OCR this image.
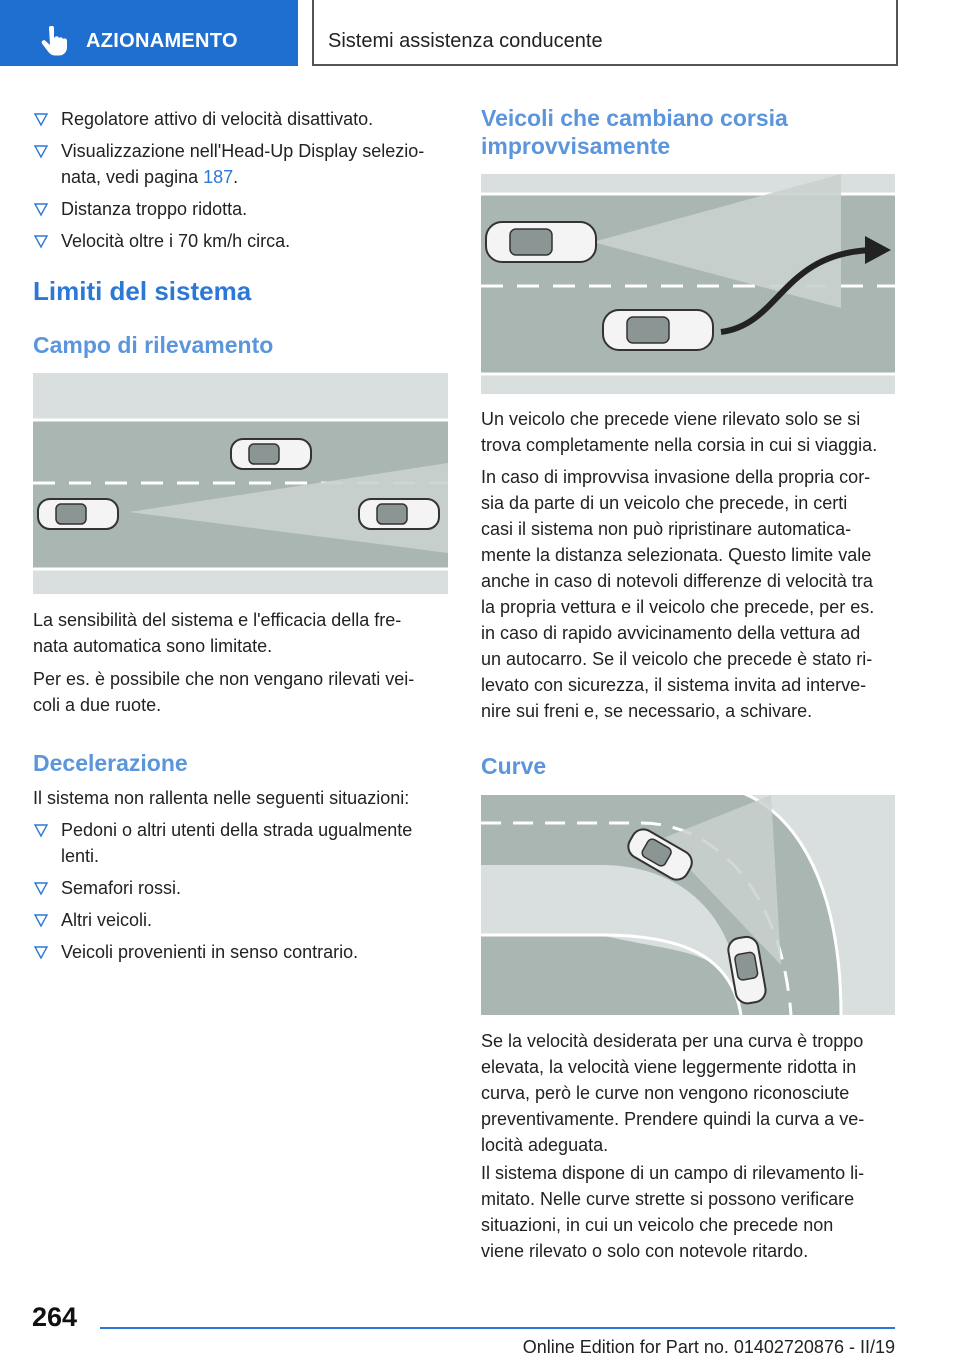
AZIONAMENTO	Sistemi assistenza conducente
Regolatore attivo di velocità disattivato.
Visualizzazione nell'Head-Up Display selezio-
nata, vedi pagina 187.
Distanza troppo ridotta.
Velocità oltre i 70 km/h circa.
Limiti del sistema
Campo di rilevamento
La sensibilità del sistema e l'efficacia della fre-
nata automatica sono limitate.
Per es. è possibile che non vengano rilevati vei-
coli a due ruote.
Decelerazione
Il sistema non rallenta nelle seguenti situazioni:
Pedoni o altri utenti della strada ugualmente
lenti.
Semafori rossi.
Altri veicoli.
Veicoli provenienti in senso contrario.
Veicoli che cambiano corsia
improvvisamente
Un veicolo che precede viene rilevato solo se si
trova completamente nella corsia in cui si viaggia.
In caso di improvvisa invasione della propria cor-
sia da parte di un veicolo che precede, in certi
casi il sistema non può ripristinare automatica-
mente la distanza selezionata. Questo limite vale
anche in caso di notevoli differenze di velocità tra
la propria vettura e il veicolo che precede, per es.
in caso di rapido avvicinamento della vettura ad
un autocarro. Se il veicolo che precede è stato ri-
levato con sicurezza, il sistema invita ad interve-
nire sui freni e, se necessario, a schivare.
Curve
Se la velocità desiderata per una curva è troppo
elevata, la velocità viene leggermente ridotta in
curva, però le curve non vengono riconosciute
preventivamente. Prendere quindi la curva a ve-
locità adeguata.
Il sistema dispone di un campo di rilevamento li-
mitato. Nelle curve strette si possono verificare
situazioni, in cui un veicolo che precede non
viene rilevato o solo con notevole ritardo.
264
Online Edition for Part no. 01402720876 - II/19
